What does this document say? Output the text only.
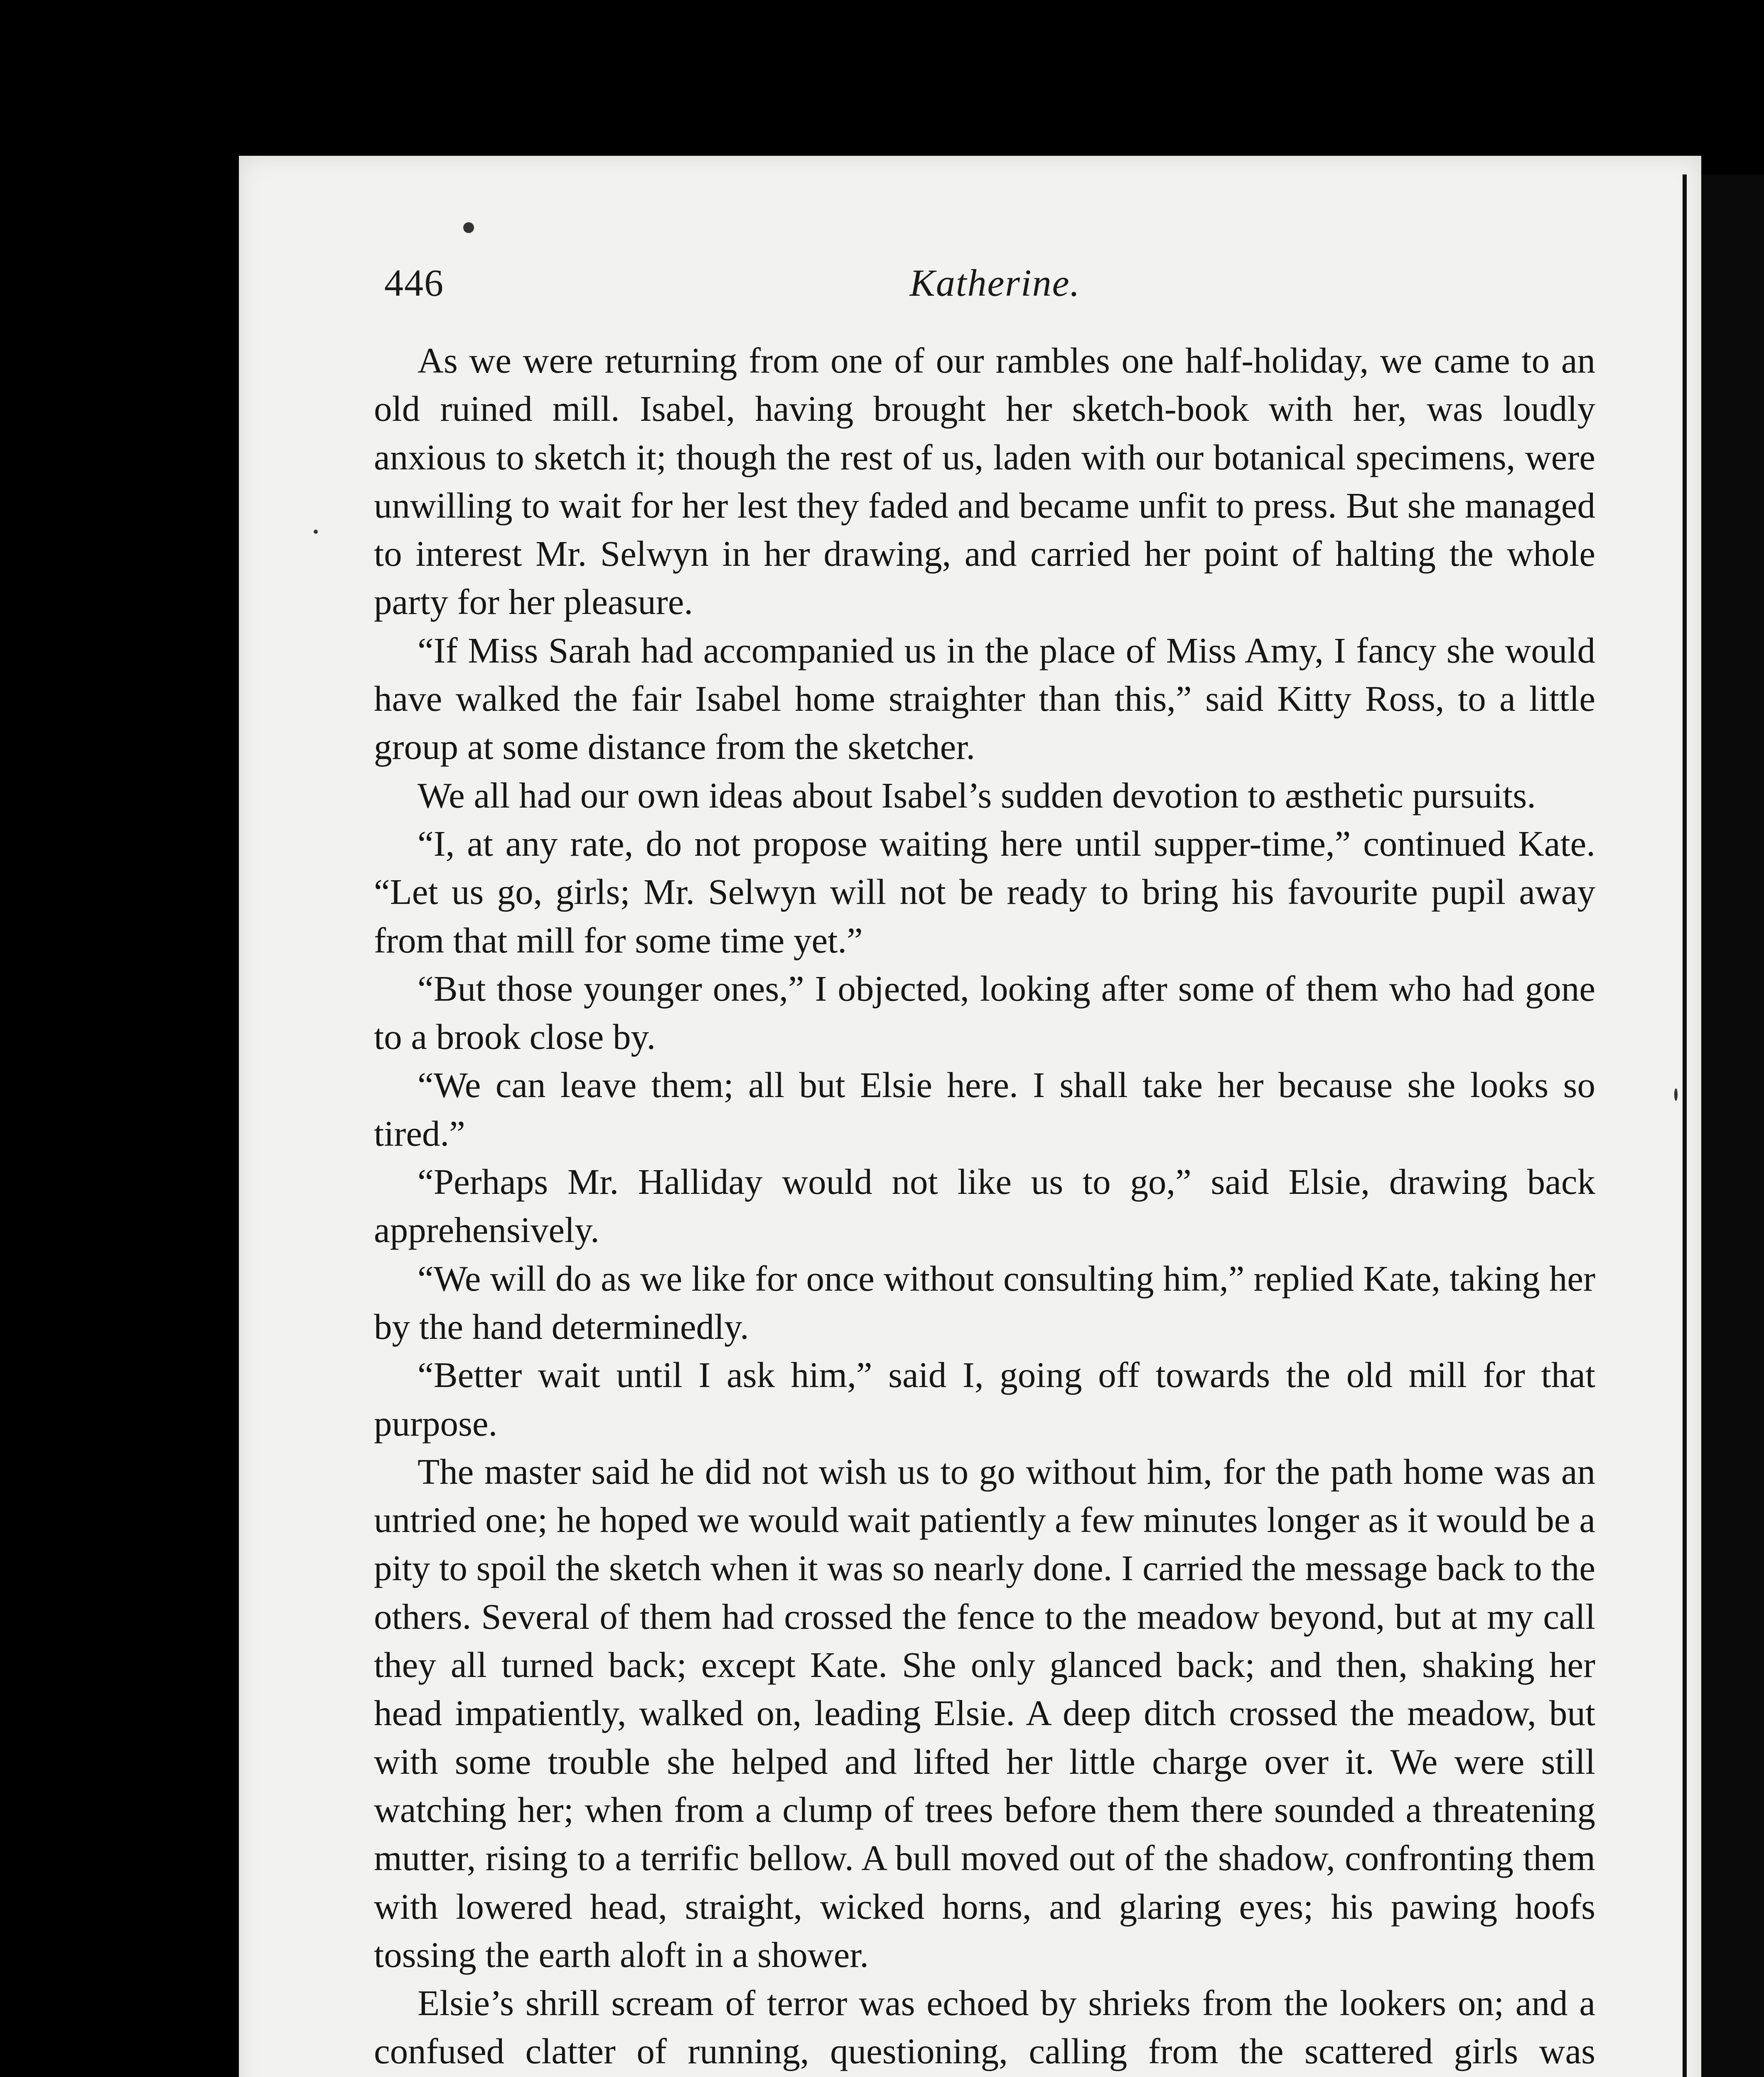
446	Katherine.

As we were returning from one of our rambles one half-holiday, we came to an old ruined mill. Isabel, having brought her sketch-book with her, was loudly anxious to sketch it; though the rest of us, laden with our botanical specimens, were unwilling to wait for her lest they faded and became unfit to press. But she managed to interest Mr. Selwyn in her drawing, and carried her point of halting the whole party for her pleasure.

“If Miss Sarah had accompanied us in the place of Miss Amy, I fancy she would have walked the fair Isabel home straighter than this,” said Kitty Ross, to a little group at some distance from the sketcher.

We all had our own ideas about Isabel’s sudden devotion to æsthetic pursuits.

“I, at any rate, do not propose waiting here until supper-time,” continued Kate. “Let us go, girls; Mr. Selwyn will not be ready to bring his favourite pupil away from that mill for some time yet.”

“But those younger ones,” I objected, looking after some of them who had gone to a brook close by.

“We can leave them; all but Elsie here. I shall take her because she looks so tired.”

“Perhaps Mr. Halliday would not like us to go,” said Elsie, drawing back apprehensively.

“We will do as we like for once without consulting him,” replied Kate, taking her by the hand determinedly.

“Better wait until I ask him,” said I, going off towards the old mill for that purpose.

The master said he did not wish us to go without him, for the path home was an untried one; he hoped we would wait patiently a few minutes longer as it would be a pity to spoil the sketch when it was so nearly done. I carried the message back to the others. Several of them had crossed the fence to the meadow beyond, but at my call they all turned back; except Kate. She only glanced back; and then, shaking her head impatiently, walked on, leading Elsie. A deep ditch crossed the meadow, but with some trouble she helped and lifted her little charge over it. We were still watching her; when from a clump of trees before them there sounded a threatening mutter, rising to a terrific bellow. A bull moved out of the shadow, confronting them with lowered head, straight, wicked horns, and glaring eyes; his pawing hoofs tossing the earth aloft in a shower.

Elsie’s shrill scream of terror was echoed by shrieks from the lookers on; and a confused clatter of running, questioning, calling from the scattered girls was
